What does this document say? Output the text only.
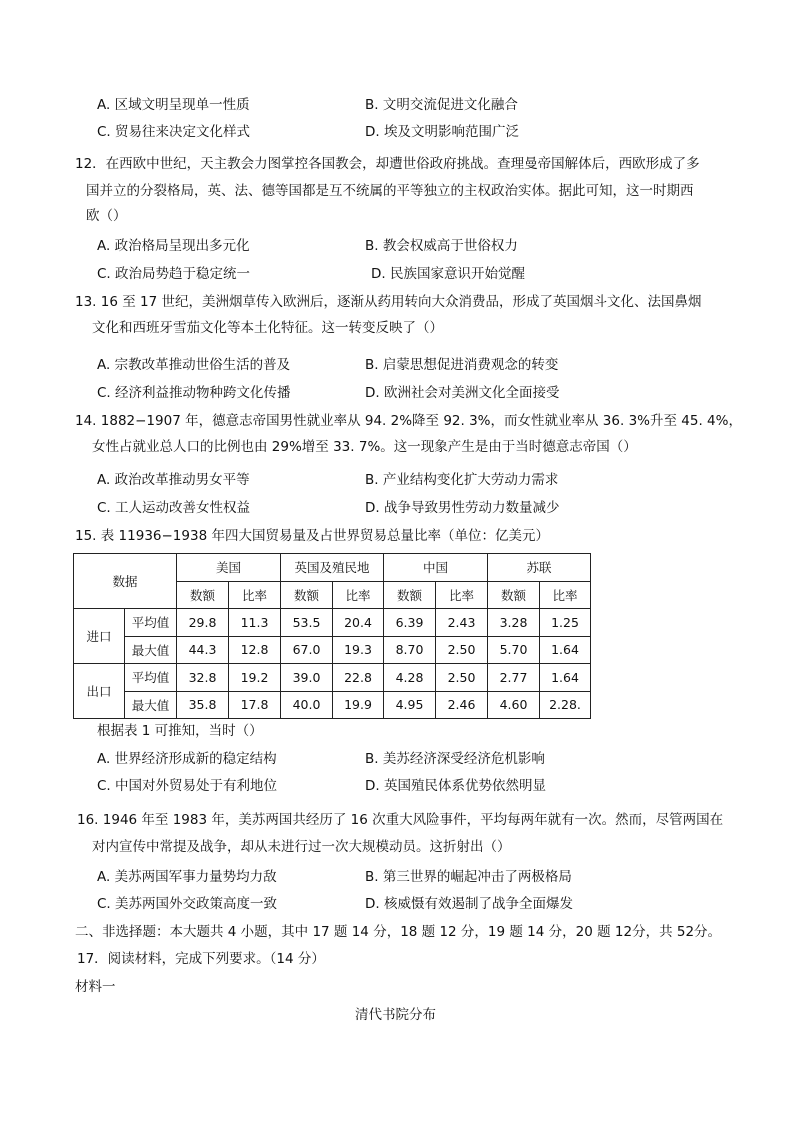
A. 区域文明呈现单一性质	B. 文明交流促进文化融合
C. 贸易往来决定文化样式	D. 埃及文明影响范围广泛
12．在西欧中世纪，天主教会力图掌控各国教会，却遭世俗政府挑战。查理曼帝国解体后，西欧形成了多
国并立的分裂格局，英、法、德等国都是互不统属的平等独立的主权政治实体。据此可知，这一时期西
欧（）
A. 政治格局呈现出多元化	B. 教会权威高于世俗权力
C. 政治局势趋于稳定统一	D. 民族国家意识开始觉醒
13. 16 至 17 世纪，美洲烟草传入欧洲后，逐渐从药用转向大众消费品，形成了英国烟斗文化、法国鼻烟
文化和西班牙雪茄文化等本土化特征。这一转变反映了（）
A. 宗教改革推动世俗生活的普及	B. 启蒙思想促进消费观念的转变
C. 经济利益推动物种跨文化传播	D. 欧洲社会对美洲文化全面接受
14. 1882−1907 年，德意志帝国男性就业率从 94. 2%降至 92. 3%，而女性就业率从 36. 3%升至 45. 4%，
女性占就业总人口的比例也由 29%增至 33. 7%。这一现象产生是由于当时德意志帝国（）
A. 政治改革推动男女平等	B. 产业结构变化扩大劳动力需求
C. 工人运动改善女性权益	D. 战争导致男性劳动力数量减少
15. 表 11936−1938 年四大国贸易量及占世界贸易总量比率（单位：亿美元）
数据		美国		英国及殖民地		中国		苏联	
		数额	比率	数额	比率	数额	比率	数额	比率
进口	平均值	29.8	11.3	53.5	20.4	6.39	2.43	3.28	1.25
	最大值	44.3	12.8	67.0	19.3	8.70	2.50	5.70	1.64
出口	平均值	32.8	19.2	39.0	22.8	4.28	2.50	2.77	1.64
	最大值	35.8	17.8	40.0	19.9	4.95	2.46	4.60	2.28.
根据表 1 可推知，当时（）
A. 世界经济形成新的稳定结构	B. 美苏经济深受经济危机影响
C. 中国对外贸易处于有利地位	D. 英国殖民体系优势依然明显
16. 1946 年至 1983 年，美苏两国共经历了 16 次重大风险事件，平均每两年就有一次。然而，尽管两国在
对内宣传中常提及战争，却从未进行过一次大规模动员。这折射出（）
A. 美苏两国军事力量势均力敌	B. 第三世界的崛起冲击了两极格局
C. 美苏两国外交政策高度一致	D. 核威慑有效遏制了战争全面爆发
二、非选择题：本大题共 4 小题，其中 17 题 14 分，18 题 12 分，19 题 14 分，20 题 12分，共 52分。
17．阅读材料，完成下列要求。（14 分）
材料一
清代书院分布
